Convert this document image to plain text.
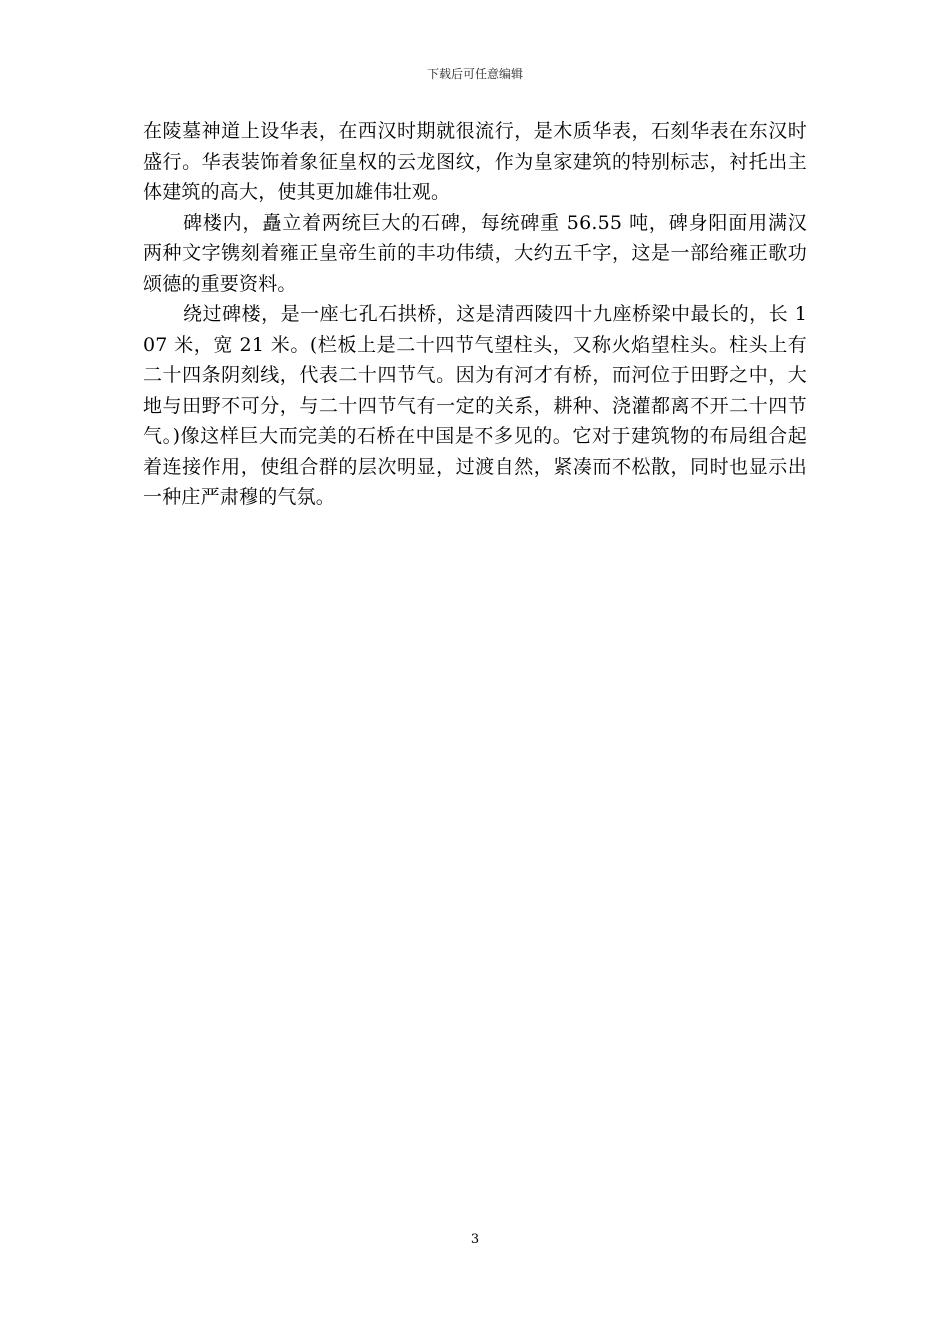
下载后可任意编辑

在陵墓神道上设华表，在西汉时期就很流行，是木质华表，石刻华表在东汉时盛行。华表装饰着象征皇权的云龙图纹，作为皇家建筑的特别标志，衬托出主体建筑的高大，使其更加雄伟壮观。

碑楼内，矗立着两统巨大的石碑，每统碑重 56.55 吨，碑身阳面用满汉两种文字镌刻着雍正皇帝生前的丰功伟绩，大约五千字，这是一部给雍正歌功颂德的重要资料。

绕过碑楼，是一座七孔石拱桥，这是清西陵四十九座桥梁中最长的，长 107 米，宽 21 米。(栏板上是二十四节气望柱头，又称火焰望柱头。柱头上有二十四条阴刻线，代表二十四节气。因为有河才有桥，而河位于田野之中，大地与田野不可分，与二十四节气有一定的关系，耕种、浇灌都离不开二十四节气。)像这样巨大而完美的石桥在中国是不多见的。它对于建筑物的布局组合起着连接作用，使组合群的层次明显，过渡自然，紧凑而不松散，同时也显示出一种庄严肃穆的气氛。

3
